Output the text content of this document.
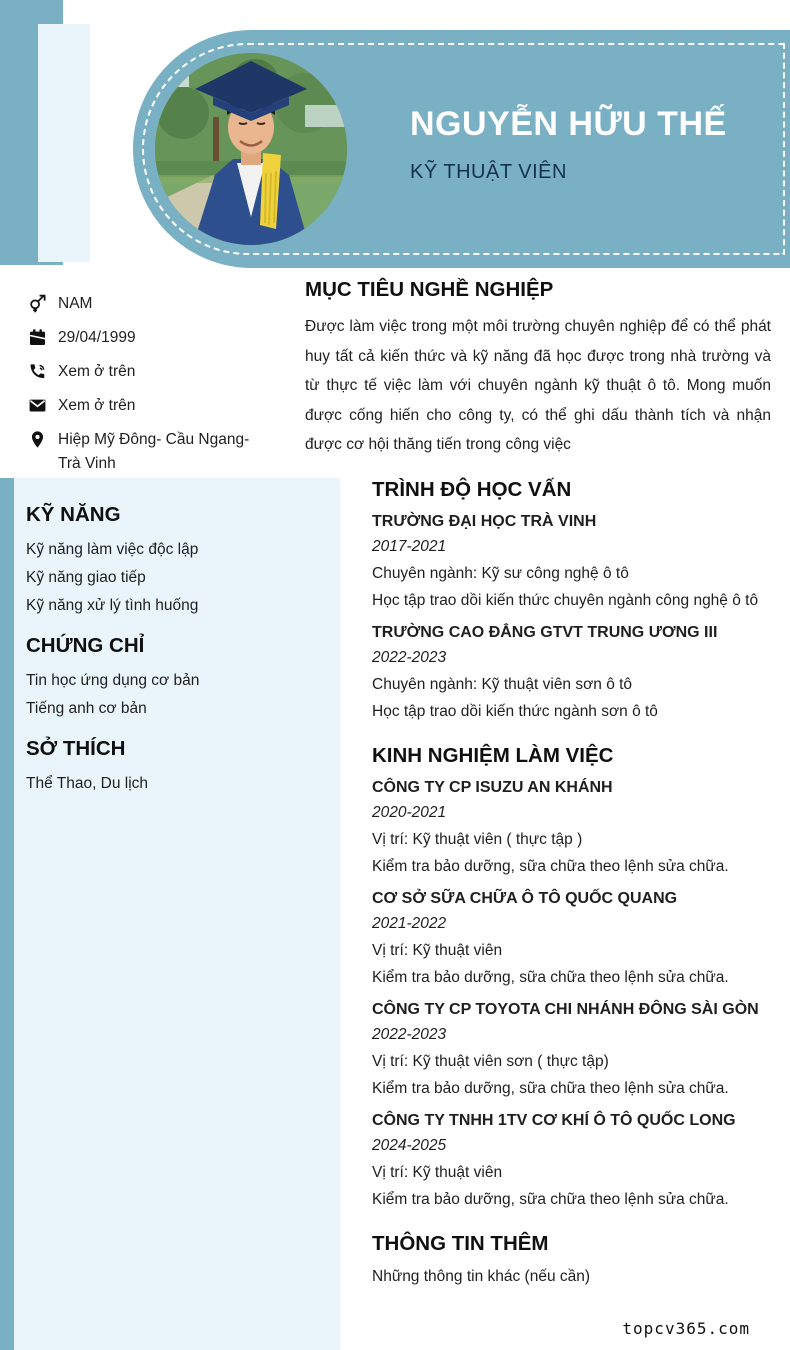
NGUYỄN HỮU THẾ
KỸ THUẬT VIÊN
NAM
29/04/1999
Xem ở trên
Xem ở trên
Hiệp Mỹ Đông- Cầu Ngang- Trà Vinh
MỤC TIÊU NGHỀ NGHIỆP

Được làm việc trong một môi trường chuyên nghiệp để có thể phát huy tất cả kiến thức và kỹ năng đã học được trong nhà trường và từ thực tế việc làm với chuyên ngành kỹ thuật ô tô. Mong muốn được cống hiến cho công ty, có thể ghi dấu thành tích và nhận được cơ hội thăng tiến trong công việc

KỸ NĂNG
Kỹ năng làm việc độc lập
Kỹ năng giao tiếp
Kỹ năng xử lý tình huống
CHỨNG CHỈ
Tin học ứng dụng cơ bản
Tiếng anh cơ bản
SỞ THÍCH
Thể Thao, Du lịch
TRÌNH ĐỘ HỌC VẤN

TRƯỜNG ĐẠI HỌC TRÀ VINH

2017-2021

Chuyên ngành: Kỹ sư công nghệ ô tô

Học tập trao dồi kiến thức chuyên ngành công nghệ ô tô

TRƯỜNG CAO ĐẲNG GTVT TRUNG ƯƠNG III

2022-2023

Chuyên ngành: Kỹ thuật viên sơn ô tô

Học tập trao dồi kiến thức ngành sơn ô tô

KINH NGHIỆM LÀM VIỆC

CÔNG TY CP ISUZU AN KHÁNH

2020-2021

Vị trí: Kỹ thuật viên ( thực tập )

Kiểm tra bảo dưỡng, sữa chữa theo lệnh sửa chữa.

CƠ SỞ SỮA CHỮA Ô TÔ QUỐC QUANG

2021-2022

Vị trí: Kỹ thuật viên

Kiểm tra bảo dưỡng, sữa chữa theo lệnh sửa chữa.

CÔNG TY CP TOYOTA CHI NHÁNH ĐÔNG SÀI GÒN

2022-2023

Vị trí: Kỹ thuật viên sơn ( thực tập)

Kiểm tra bảo dưỡng, sữa chữa theo lệnh sửa chữa.

CÔNG TY TNHH 1TV CƠ KHÍ Ô TÔ QUỐC LONG

2024-2025

Vị trí: Kỹ thuật viên

Kiểm tra bảo dưỡng, sữa chữa theo lệnh sửa chữa.

THÔNG TIN THÊM

Những thông tin khác (nếu cần)

topcv365.com
